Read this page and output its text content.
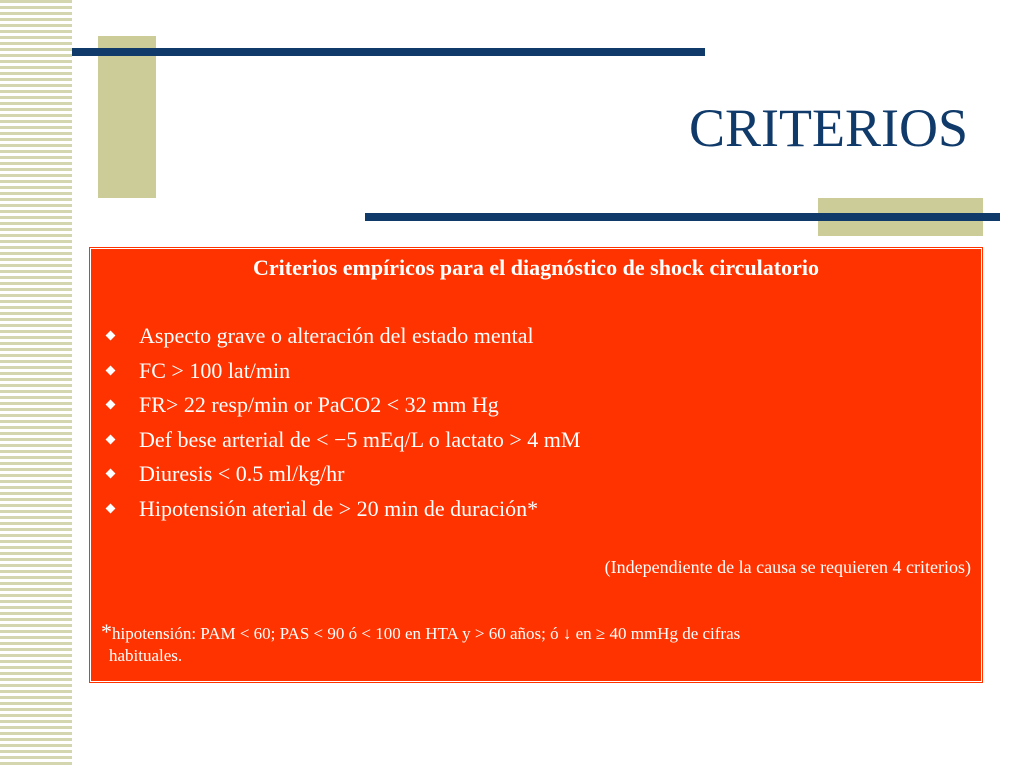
CRITERIOS
Criterios empíricos para el diagnóstico de shock circulatorio
Aspecto grave o alteración del estado mental
FC > 100 lat/min
FR> 22 resp/min or PaCO2 < 32 mm Hg
Def bese arterial de < −5 mEq/L o lactato > 4 mM
Diuresis < 0.5 ml/kg/hr
Hipotensión aterial de > 20 min de duración*
(Independiente de la causa se requieren 4 criterios)
*hipotensión: PAM < 60; PAS < 90 ó < 100 en HTA y > 60 años; ó ↓ en ≥ 40 mmHg de cifras
habituales.
